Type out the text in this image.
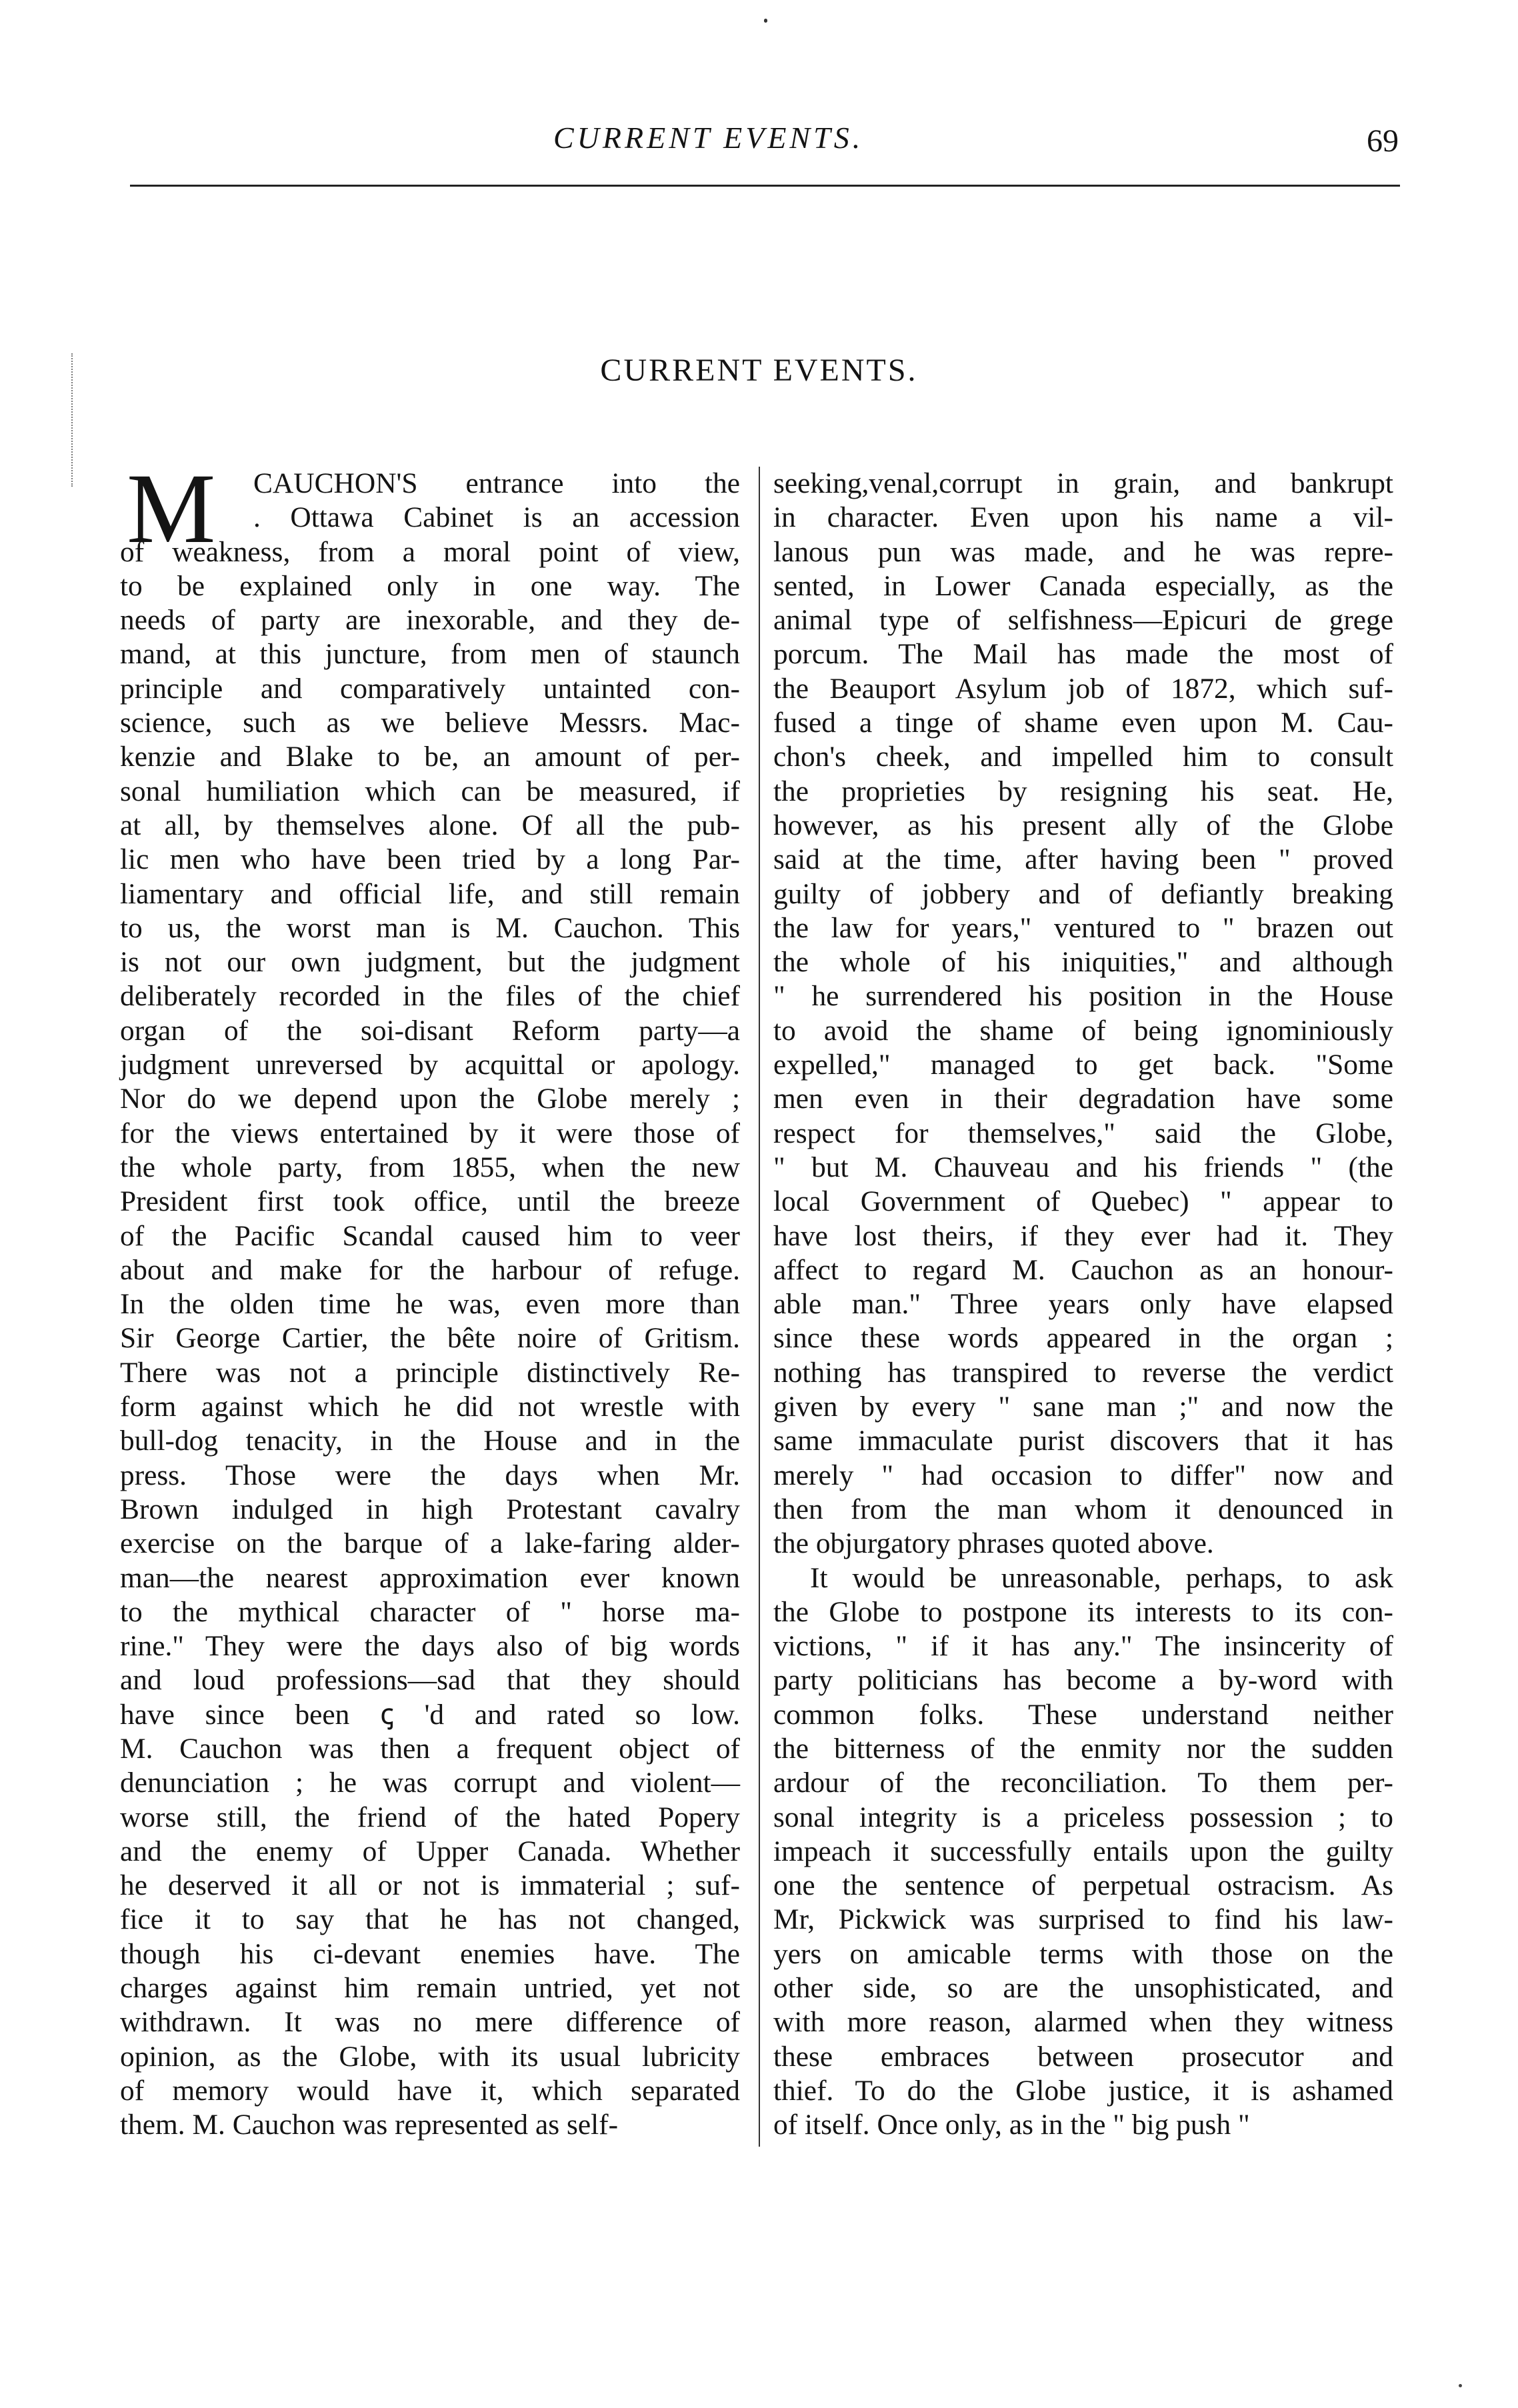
CURRENT EVENTS.	69
CURRENT EVENTS.
M	CAUCHON'S entrance into the
. Ottawa Cabinet is an accession
of weakness, from a moral point of view,
to be explained only in one way. The
needs of party are inexorable, and they de-
mand, at this juncture, from men of staunch
principle and comparatively untainted con-
science, such as we believe Messrs. Mac-
kenzie and Blake to be, an amount of per-
sonal humiliation which can be measured, if
at all, by themselves alone. Of all the pub-
lic men who have been tried by a long Par-
liamentary and official life, and still remain
to us, the worst man is M. Cauchon. This
is not our own judgment, but the judgment
deliberately recorded in the files of the chief
organ of the soi-disant Reform party—a
judgment unreversed by acquittal or apology.
Nor do we depend upon the Globe merely ;
for the views entertained by it were those of
the whole party, from 1855, when the new
President first took office, until the breeze
of the Pacific Scandal caused him to veer
about and make for the harbour of refuge.
In the olden time he was, even more than
Sir George Cartier, the bête noire of Gritism.
There was not a principle distinctively Re-
form against which he did not wrestle with
bull-dog tenacity, in the House and in the
press. Those were the days when Mr.
Brown indulged in high Protestant cavalry
exercise on the barque of a lake-faring alder-
man—the nearest approximation ever known
to the mythical character of " horse ma-
rine." They were the days also of big words
and loud professions—sad that they should
have since been ꞔ 'd and rated so low.
M. Cauchon was then a frequent object of
denunciation ; he was corrupt and violent—
worse still, the friend of the hated Popery
and the enemy of Upper Canada. Whether
he deserved it all or not is immaterial ; suf-
fice it to say that he has not changed,
though his ci-devant enemies have. The
charges against him remain untried, yet not
withdrawn. It was no mere difference of
opinion, as the Globe, with its usual lubricity
of memory would have it, which separated
them. M. Cauchon was represented as self-
seeking,venal,corrupt in grain, and bankrupt
in character. Even upon his name a vil-
lanous pun was made, and he was repre-
sented, in Lower Canada especially, as the
animal type of selfishness—Epicuri de grege
porcum. The Mail has made the most of
the Beauport Asylum job of 1872, which suf-
fused a tinge of shame even upon M. Cau-
chon's cheek, and impelled him to consult
the proprieties by resigning his seat. He,
however, as his present ally of the Globe
said at the time, after having been " proved
guilty of jobbery and of defiantly breaking
the law for years," ventured to " brazen out
the whole of his iniquities," and although
" he surrendered his position in the House
to avoid the shame of being ignominiously
expelled," managed to get back. "Some
men even in their degradation have some
respect for themselves," said the Globe,
" but M. Chauveau and his friends " (the
local Government of Quebec) " appear to
have lost theirs, if they ever had it. They
affect to regard M. Cauchon as an honour-
able man." Three years only have elapsed
since these words appeared in the organ ;
nothing has transpired to reverse the verdict
given by every " sane man ;" and now the
same immaculate purist discovers that it has
merely " had occasion to differ" now and
then from the man whom it denounced in
the objurgatory phrases quoted above.
It would be unreasonable, perhaps, to ask
the Globe to postpone its interests to its con-
victions, " if it has any." The insincerity of
party politicians has become a by-word with
common folks. These understand neither
the bitterness of the enmity nor the sudden
ardour of the reconciliation. To them per-
sonal integrity is a priceless possession ; to
impeach it successfully entails upon the guilty
one the sentence of perpetual ostracism. As
Mr, Pickwick was surprised to find his law-
yers on amicable terms with those on the
other side, so are the unsophisticated, and
with more reason, alarmed when they witness
these embraces between prosecutor and
thief. To do the Globe justice, it is ashamed
of itself. Once only, as in the " big push "
